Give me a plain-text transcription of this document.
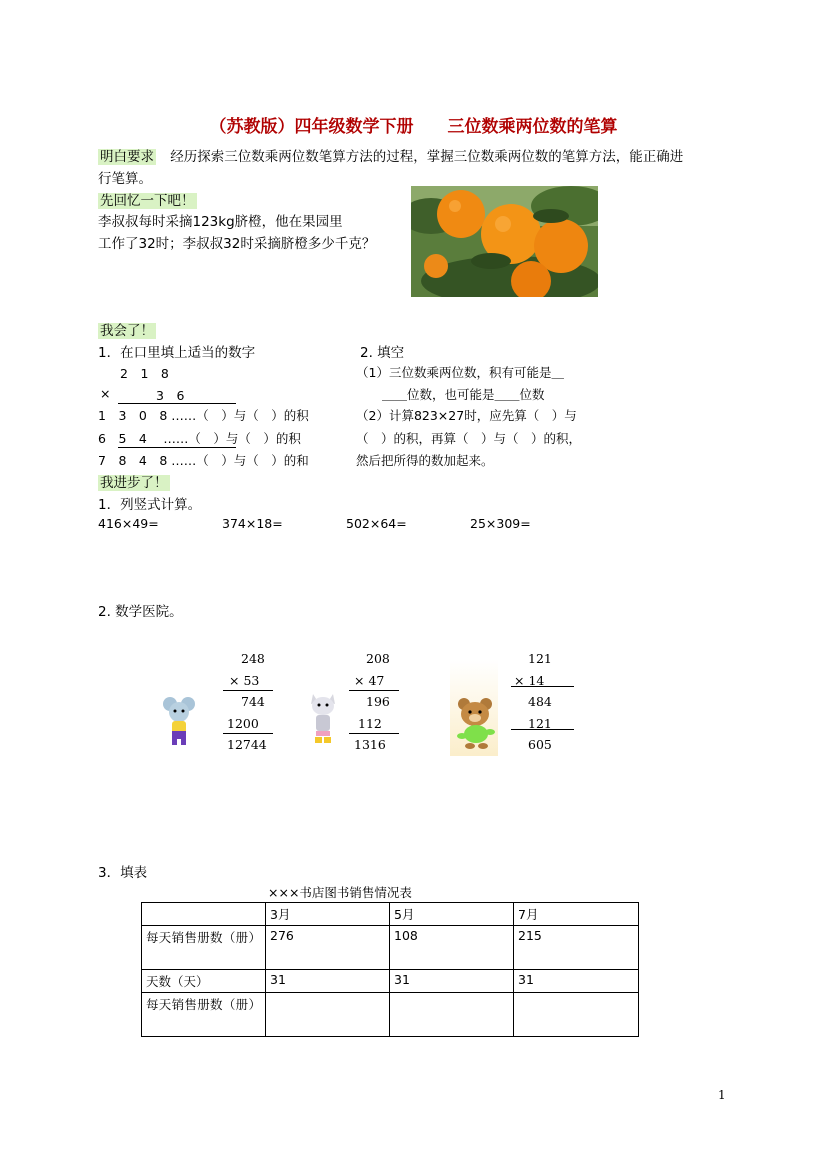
（苏教版）四年级数学下册　　三位数乘两位数的笔算
明白要求 经历探索三位数乘两位数笔算方法的过程，掌握三位数乘两位数的笔算方法，能正确进
行笔算。
先回忆一下吧！
李叔叔每时采摘123kg脐橙，他在果园里
工作了32时；李叔叔32时采摘脐橙多少千克？
我会了！
1．在口里填上适当的数字
2　1　8
×	3　6
1　3　0　8 ……（　）与（　）的积
6　5　4　 ……（　）与（　）的积
7　8　4　8 ……（　）与（　）的和
2. 填空
（1）三位数乘两位数，积有可能是＿
＿＿位数，也可能是＿＿位数
（2）计算823×27时，应先算（　）与
（　）的积，再算（　）与（　）的积，
然后把所得的数加起来。
我进步了！
1．列竖式计算。
416×49=	374×18=	502×64=	25×309=
2. 数学医院。
248
× 53
744
1200
12744
208
× 47
196
112
1316
121
× 14
484
121
605
3．填表
×××书店图书销售情况表
	3月	5月	7月
每天销售册数（册）	276	108	215
天数（天）	31	31	31
每天销售册数（册）			
1
